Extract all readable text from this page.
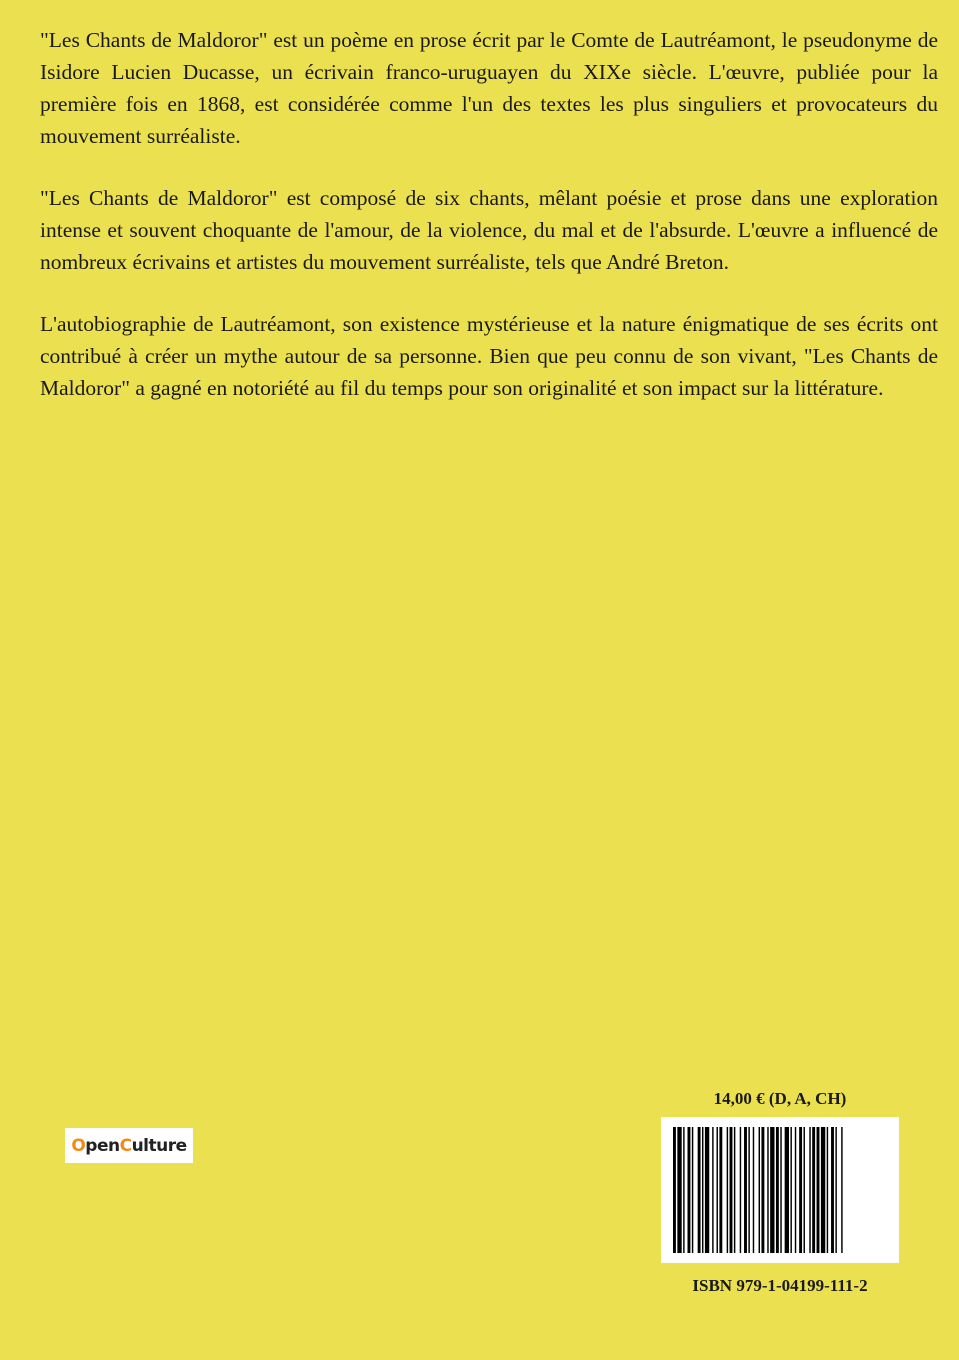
"Les Chants de Maldoror" est un poème en prose écrit par le Comte de Lautréamont, le pseudonyme de Isidore Lucien Ducasse, un écrivain franco-uruguayen du XIXe siècle. L'œuvre, publiée pour la première fois en 1868, est considérée comme l'un des textes les plus singuliers et provocateurs du mouvement surréaliste.

"Les Chants de Maldoror" est composé de six chants, mêlant poésie et prose dans une exploration intense et souvent choquante de l'amour, de la violence, du mal et de l'absurde. L'œuvre a influencé de nombreux écrivains et artistes du mouvement surréaliste, tels que André Breton.

L'autobiographie de Lautréamont, son existence mystérieuse et la nature énigmatique de ses écrits ont contribué à créer un mythe autour de sa personne. Bien que peu connu de son vivant, "Les Chants de Maldoror" a gagné en notoriété au fil du temps pour son originalité et son impact sur la littérature.

O pen C ulture
14,00 € (D, A, CH)
ISBN 979-1-04199-111-2
